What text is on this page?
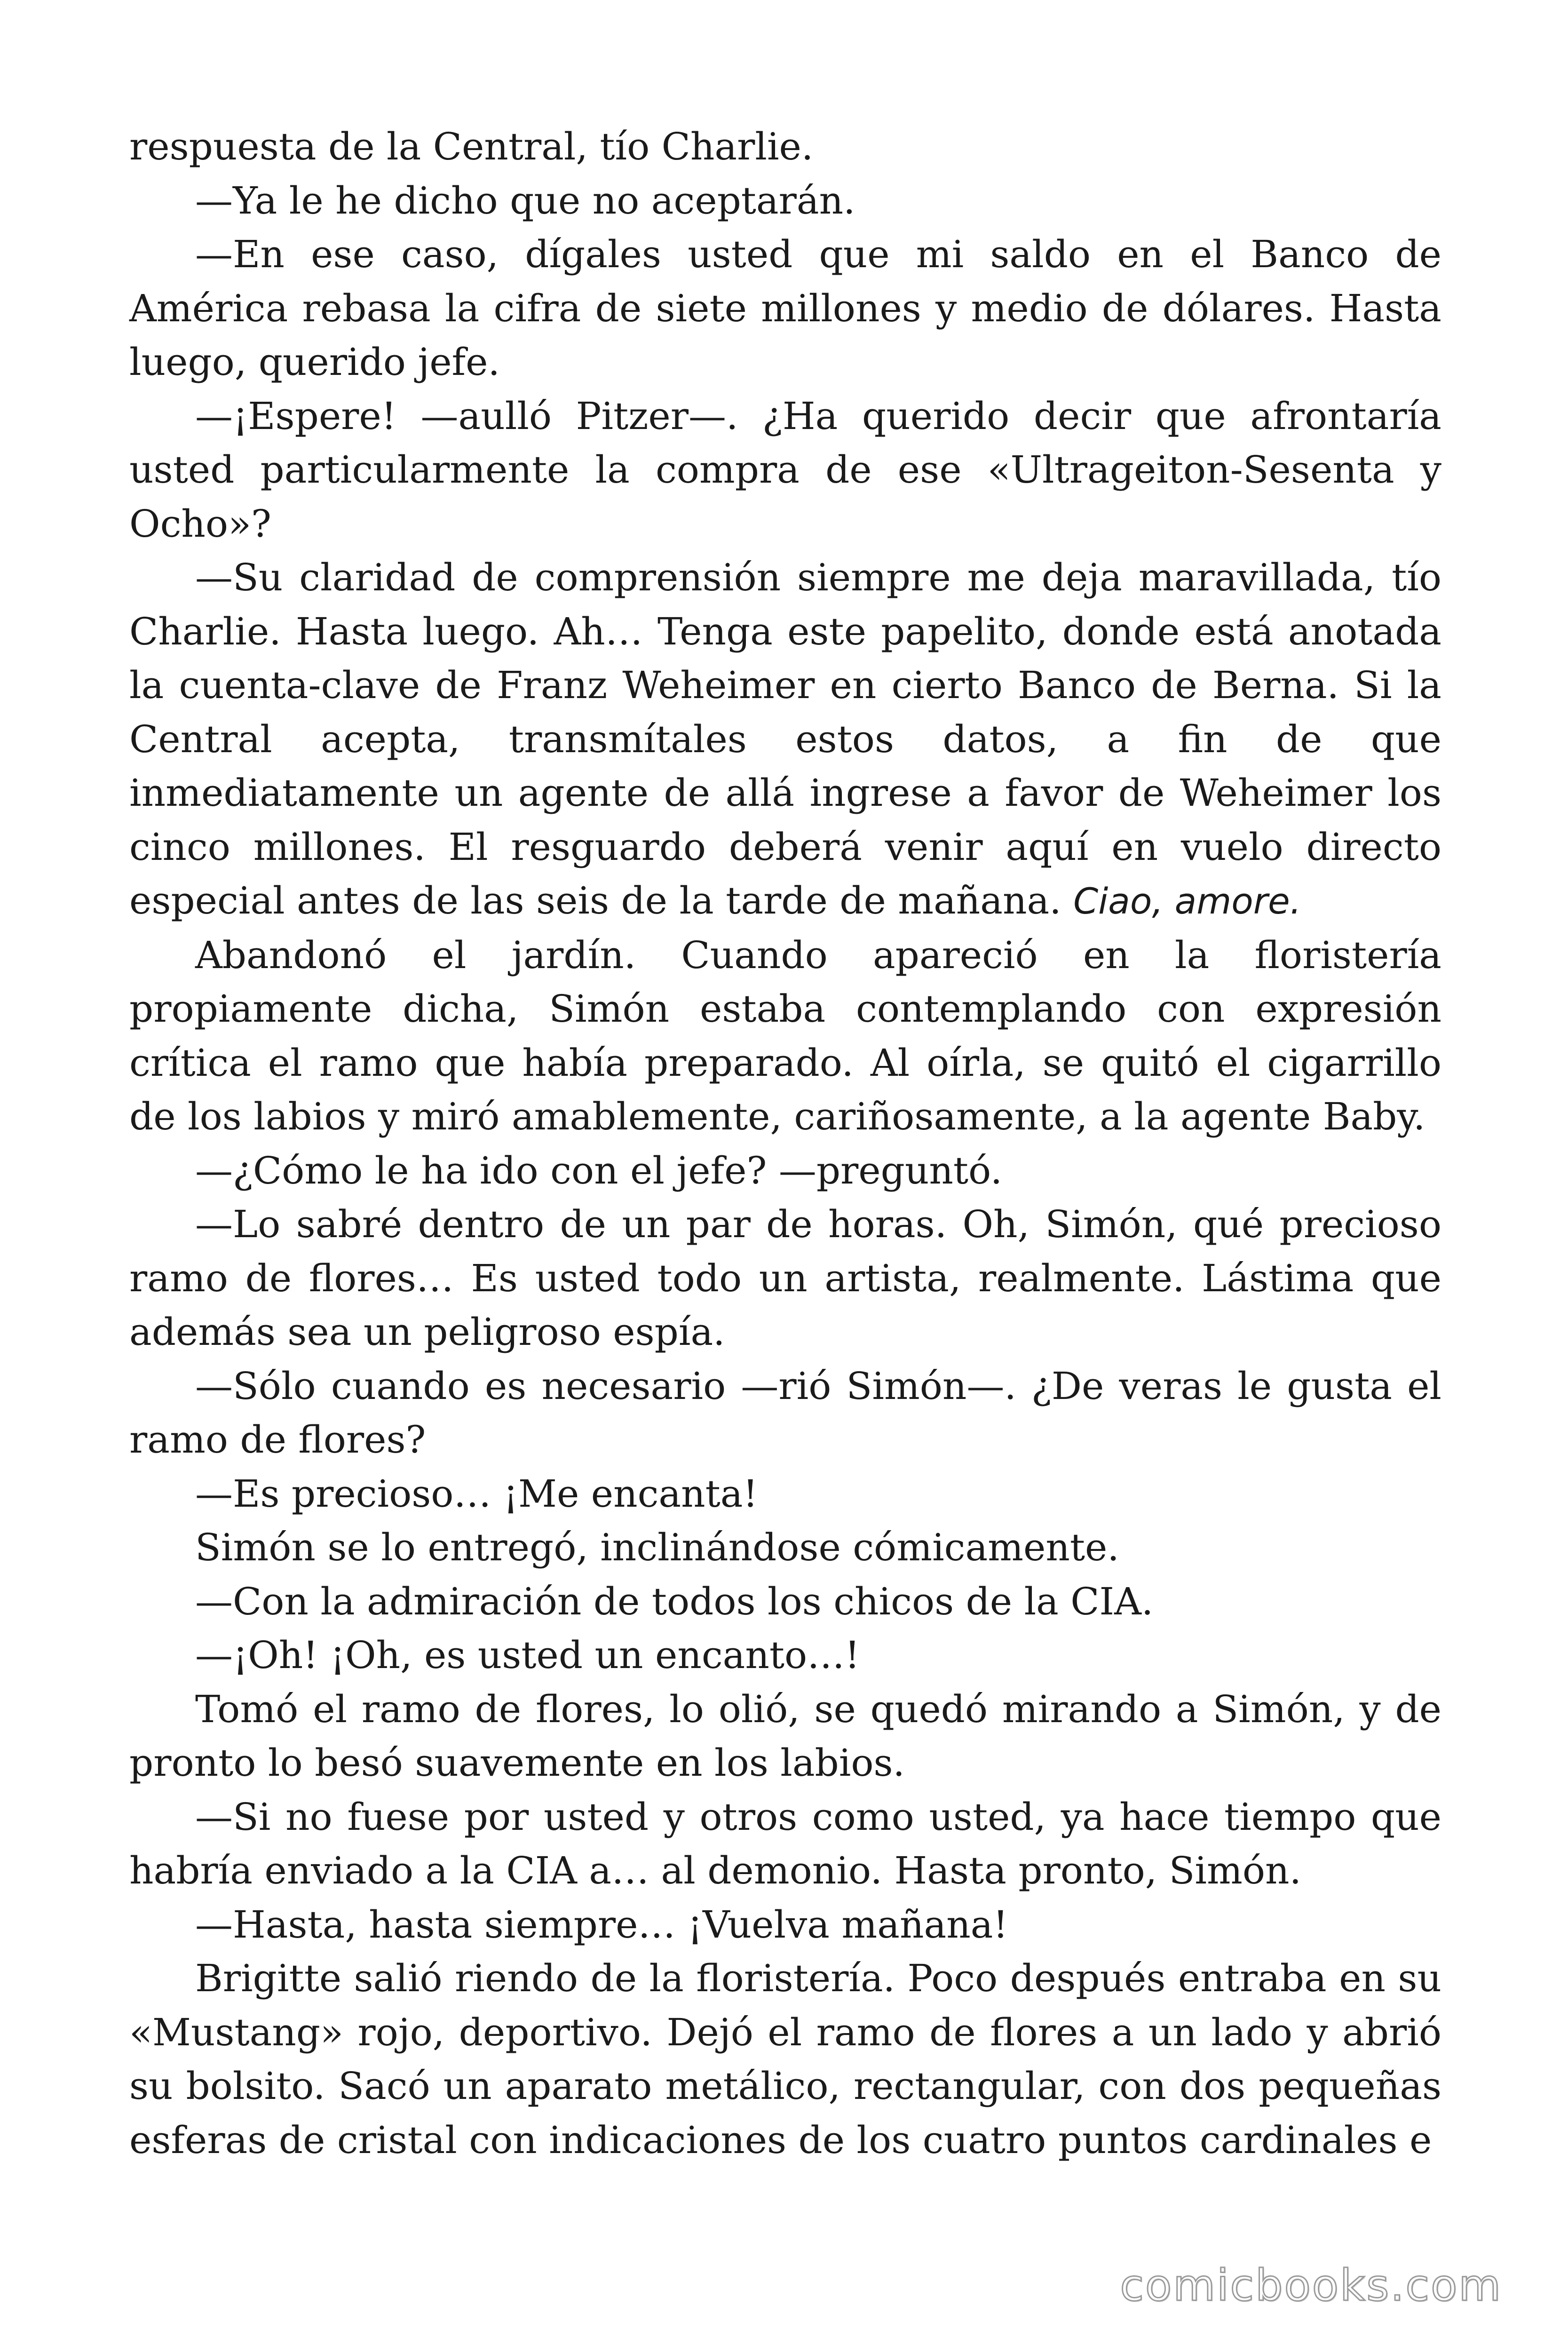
respuesta de la Central, tío Charlie.

—Ya le he dicho que no aceptarán.

—En ese caso, dígales usted que mi saldo en el Banco de América rebasa la cifra de siete millones y medio de dólares. Hasta luego, querido jefe.

—¡Espere! —aulló Pitzer—. ¿Ha querido decir que afrontaría usted particularmente la compra de ese «Ultrageiton-Sesenta y Ocho»?

—Su claridad de comprensión siempre me deja maravillada, tío Charlie. Hasta luego. Ah… Tenga este papelito, donde está anotada la cuenta-clave de Franz Weheimer en cierto Banco de Berna. Si la Central acepta, transmítales estos datos, a fin de que inmediatamente un agente de allá ingrese a favor de Weheimer los cinco millones. El resguardo deberá venir aquí en vuelo directo especial antes de las seis de la tarde de mañana. Ciao, amore.

Abandonó el jardín. Cuando apareció en la floristería propiamente dicha, Simón estaba contemplando con expresión crítica el ramo que había preparado. Al oírla, se quitó el cigarrillo de los labios y miró amablemente, cariñosamente, a la agente Baby.

—¿Cómo le ha ido con el jefe? —preguntó.

—Lo sabré dentro de un par de horas. Oh, Simón, qué precioso ramo de flores… Es usted todo un artista, realmente. Lástima que además sea un peligroso espía.

—Sólo cuando es necesario —rió Simón—. ¿De veras le gusta el ramo de flores?

—Es precioso… ¡Me encanta!

Simón se lo entregó, inclinándose cómicamente.

—Con la admiración de todos los chicos de la CIA.

—¡Oh! ¡Oh, es usted un encanto…!

Tomó el ramo de flores, lo olió, se quedó mirando a Simón, y de pronto lo besó suavemente en los labios.

—Si no fuese por usted y otros como usted, ya hace tiempo que habría enviado a la CIA a… al demonio. Hasta pronto, Simón.

—Hasta, hasta siempre… ¡Vuelva mañana!

Brigitte salió riendo de la floristería. Poco después entraba en su «Mustang» rojo, deportivo. Dejó el ramo de flores a un lado y abrió su bolsito. Sacó un aparato metálico, rectangular, con dos pequeñas esferas de cristal con indicaciones de los cuatro puntos cardinales e

comicbooks.com
